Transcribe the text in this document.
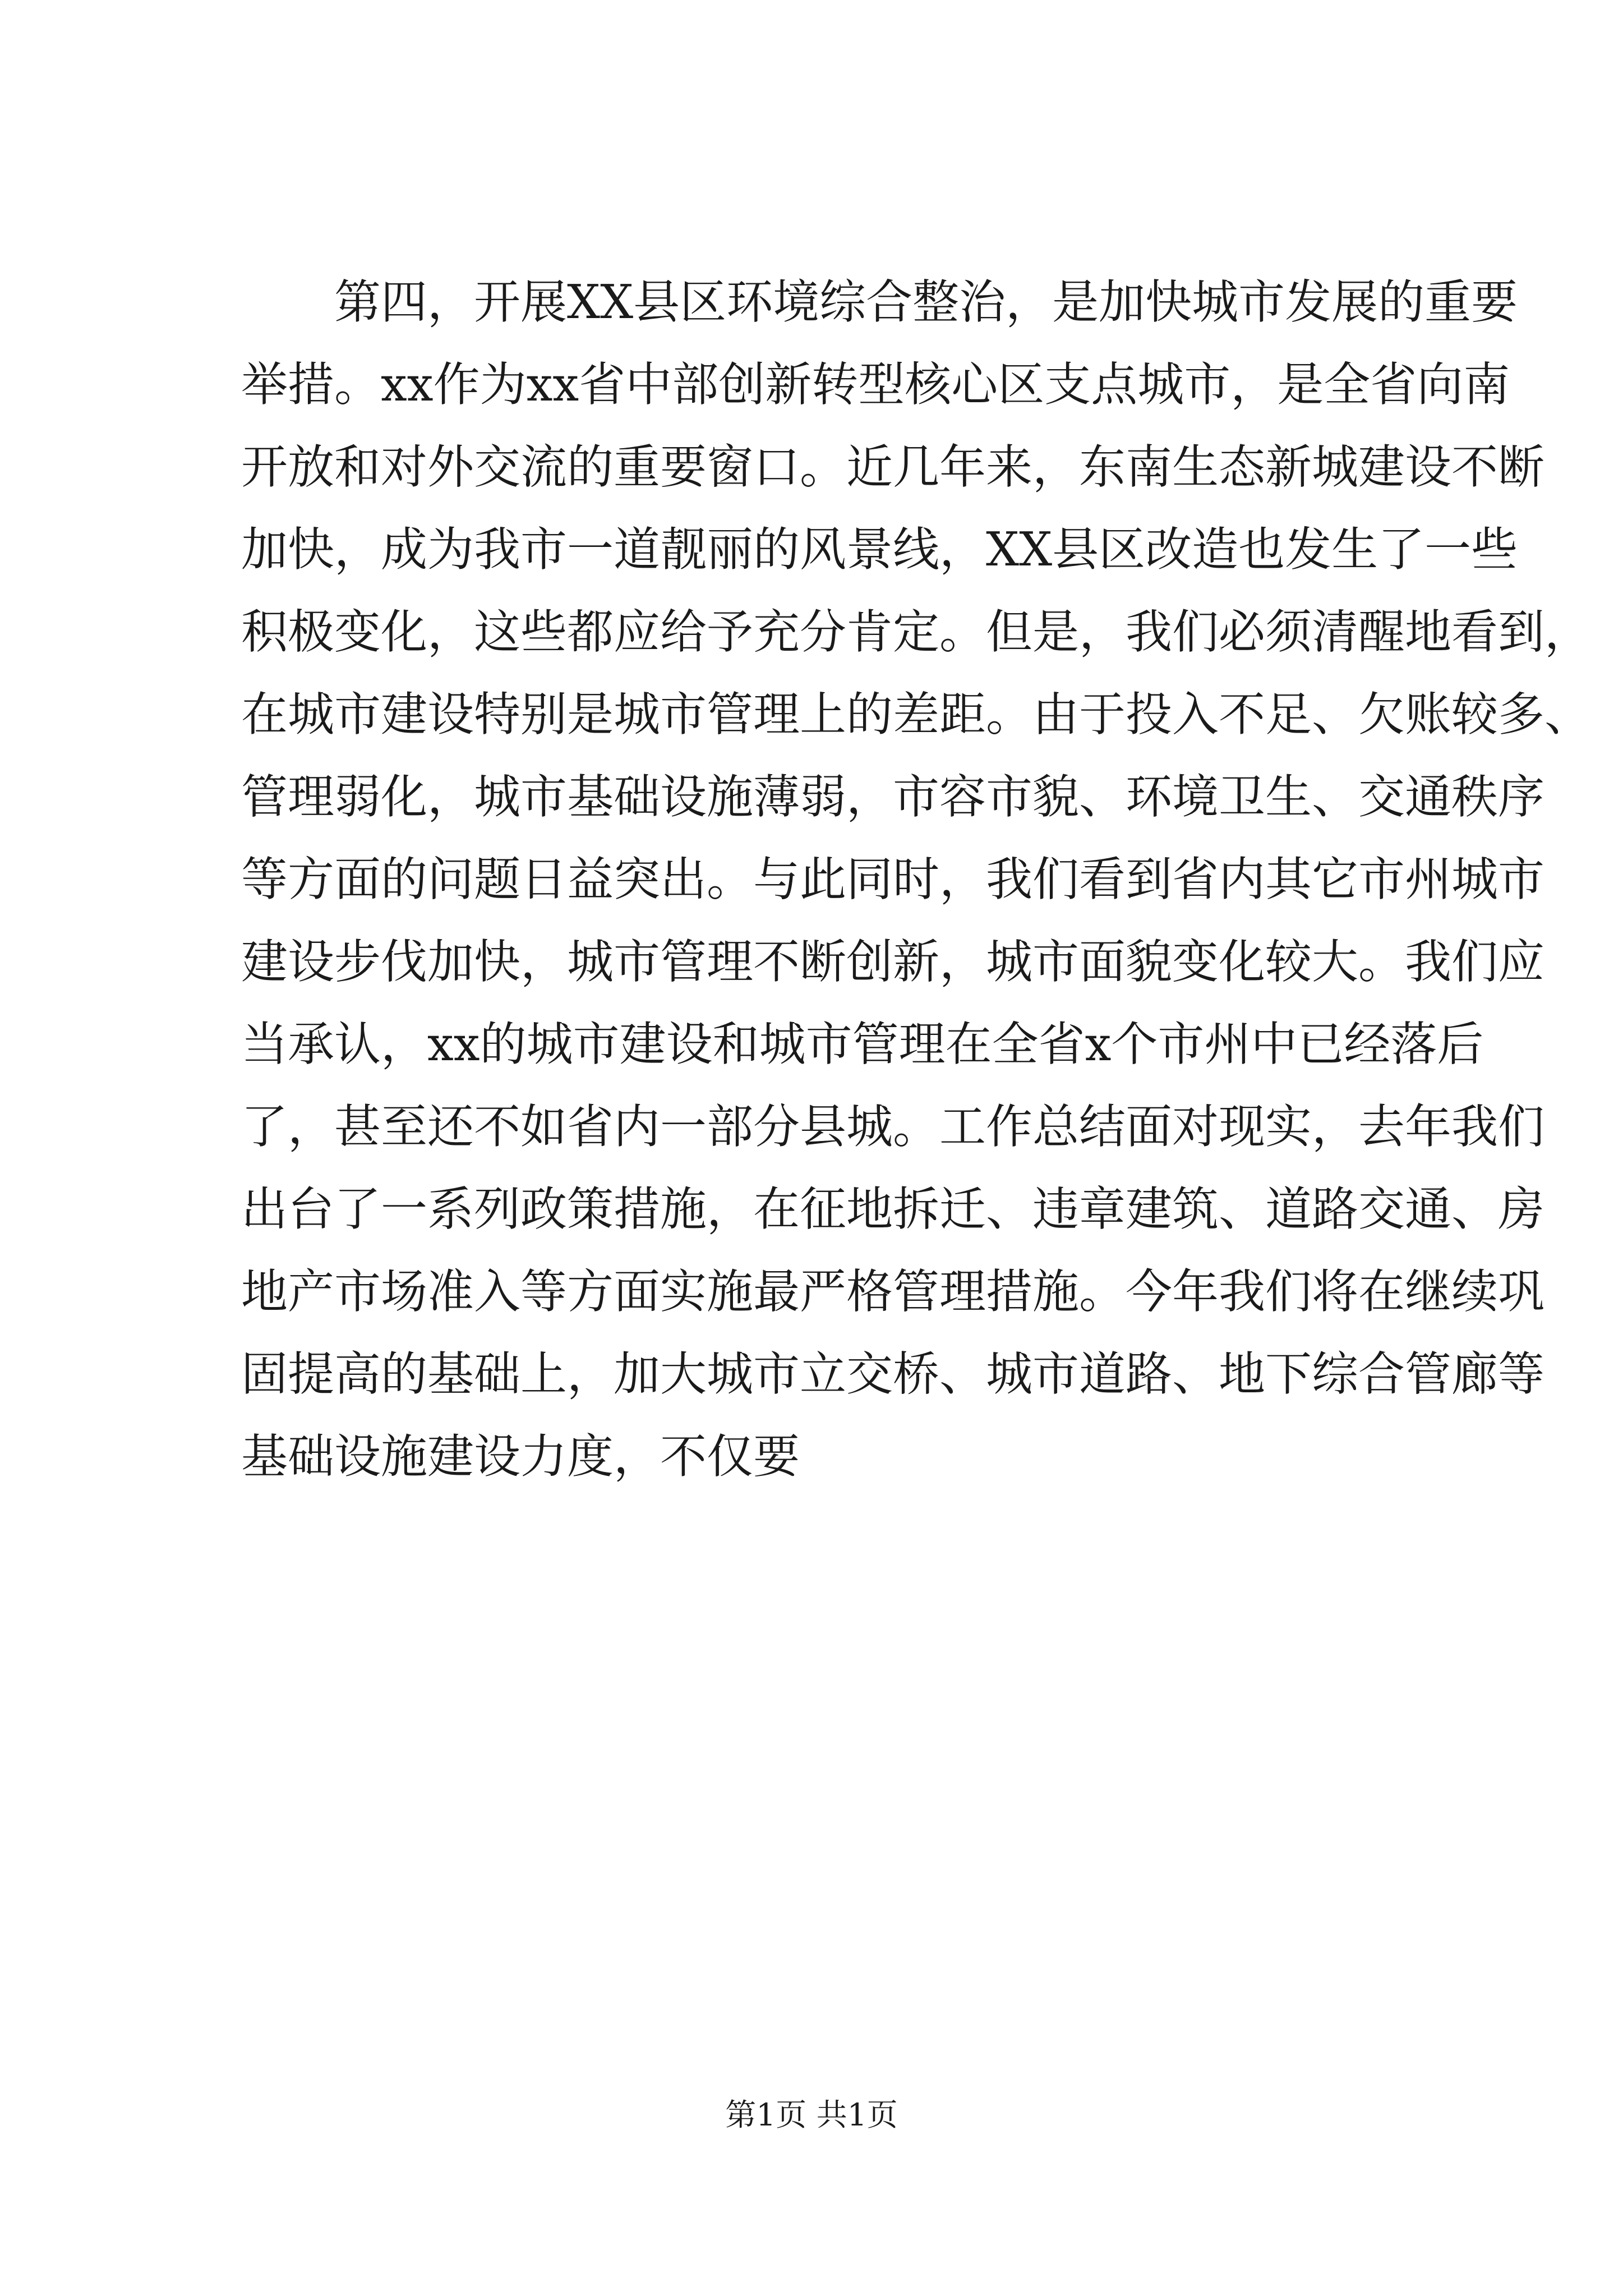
第四，开展XX县区环境综合整治，是加快城市发展的重要
举措。xx作为xx省中部创新转型核心区支点城市，是全省向南
开放和对外交流的重要窗口。近几年来，东南生态新城建设不断
加快，成为我市一道靓丽的风景线，XX县区改造也发生了一些
积极变化，这些都应给予充分肯定。但是，我们必须清醒地看到，
在城市建设特别是城市管理上的差距。由于投入不足、欠账较多、
管理弱化，城市基础设施薄弱，市容市貌、环境卫生、交通秩序
等方面的问题日益突出。与此同时，我们看到省内其它市州城市
建设步伐加快，城市管理不断创新，城市面貌变化较大。我们应
当承认，xx的城市建设和城市管理在全省x个市州中已经落后
了，甚至还不如省内一部分县城。工作总结面对现实，去年我们
出台了一系列政策措施，在征地拆迁、违章建筑、道路交通、房
地产市场准入等方面实施最严格管理措施。今年我们将在继续巩
固提高的基础上，加大城市立交桥、城市道路、地下综合管廊等
基础设施建设力度，不仅要
第1页 共1页
